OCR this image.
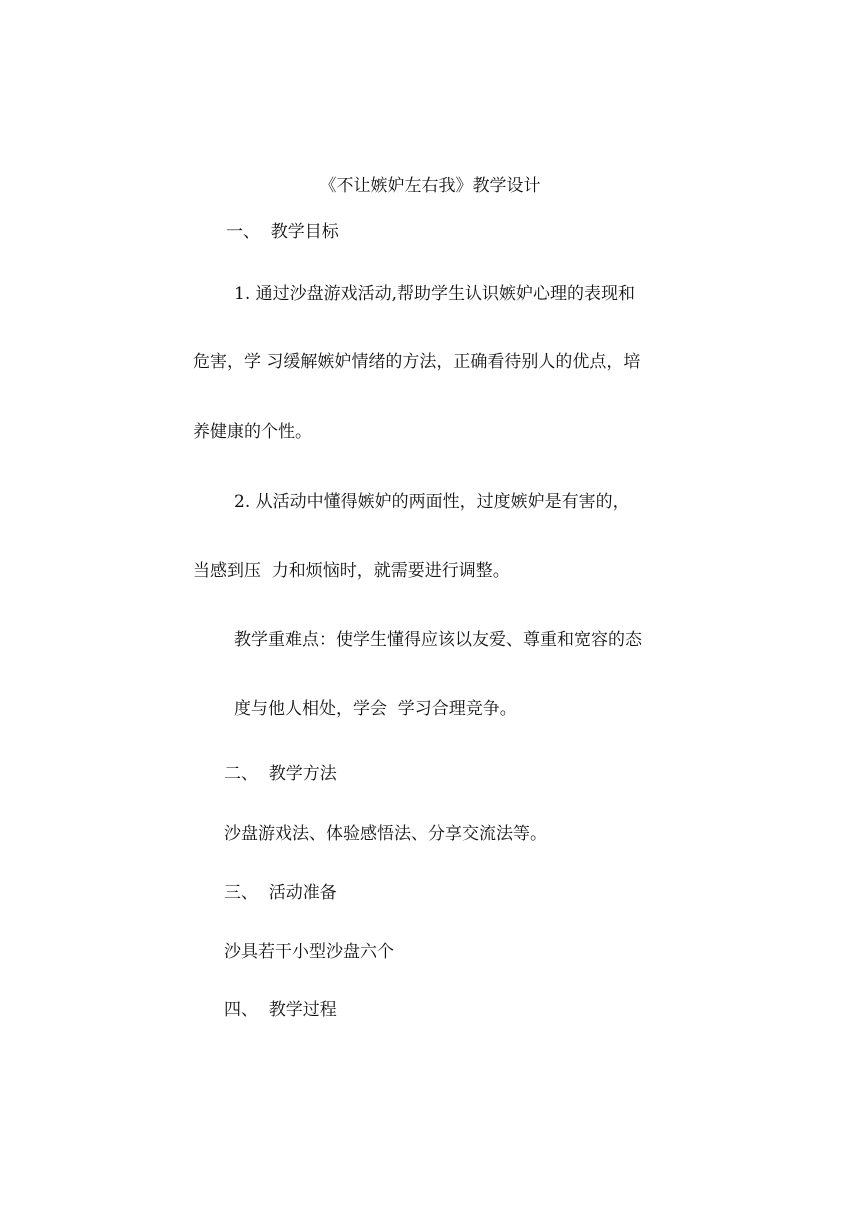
《不让嫉妒左右我》教学设计
一、  教学目标
1. 通过沙盘游戏活动,帮助学生认识嫉妒心理的表现和
危害，学 习缓解嫉妒情绪的方法，正确看待别人的优点，培
养健康的个性。
2. 从活动中懂得嫉妒的两面性，过度嫉妒是有害的，
当感到压  力和烦恼时，就需要进行调整。
教学重难点：使学生懂得应该以友爱、尊重和宽容的态
度与他人相处，学会  学习合理竞争。
二、  教学方法
沙盘游戏法、体验感悟法、分享交流法等。
三、  活动准备
沙具若干小型沙盘六个
四、  教学过程
